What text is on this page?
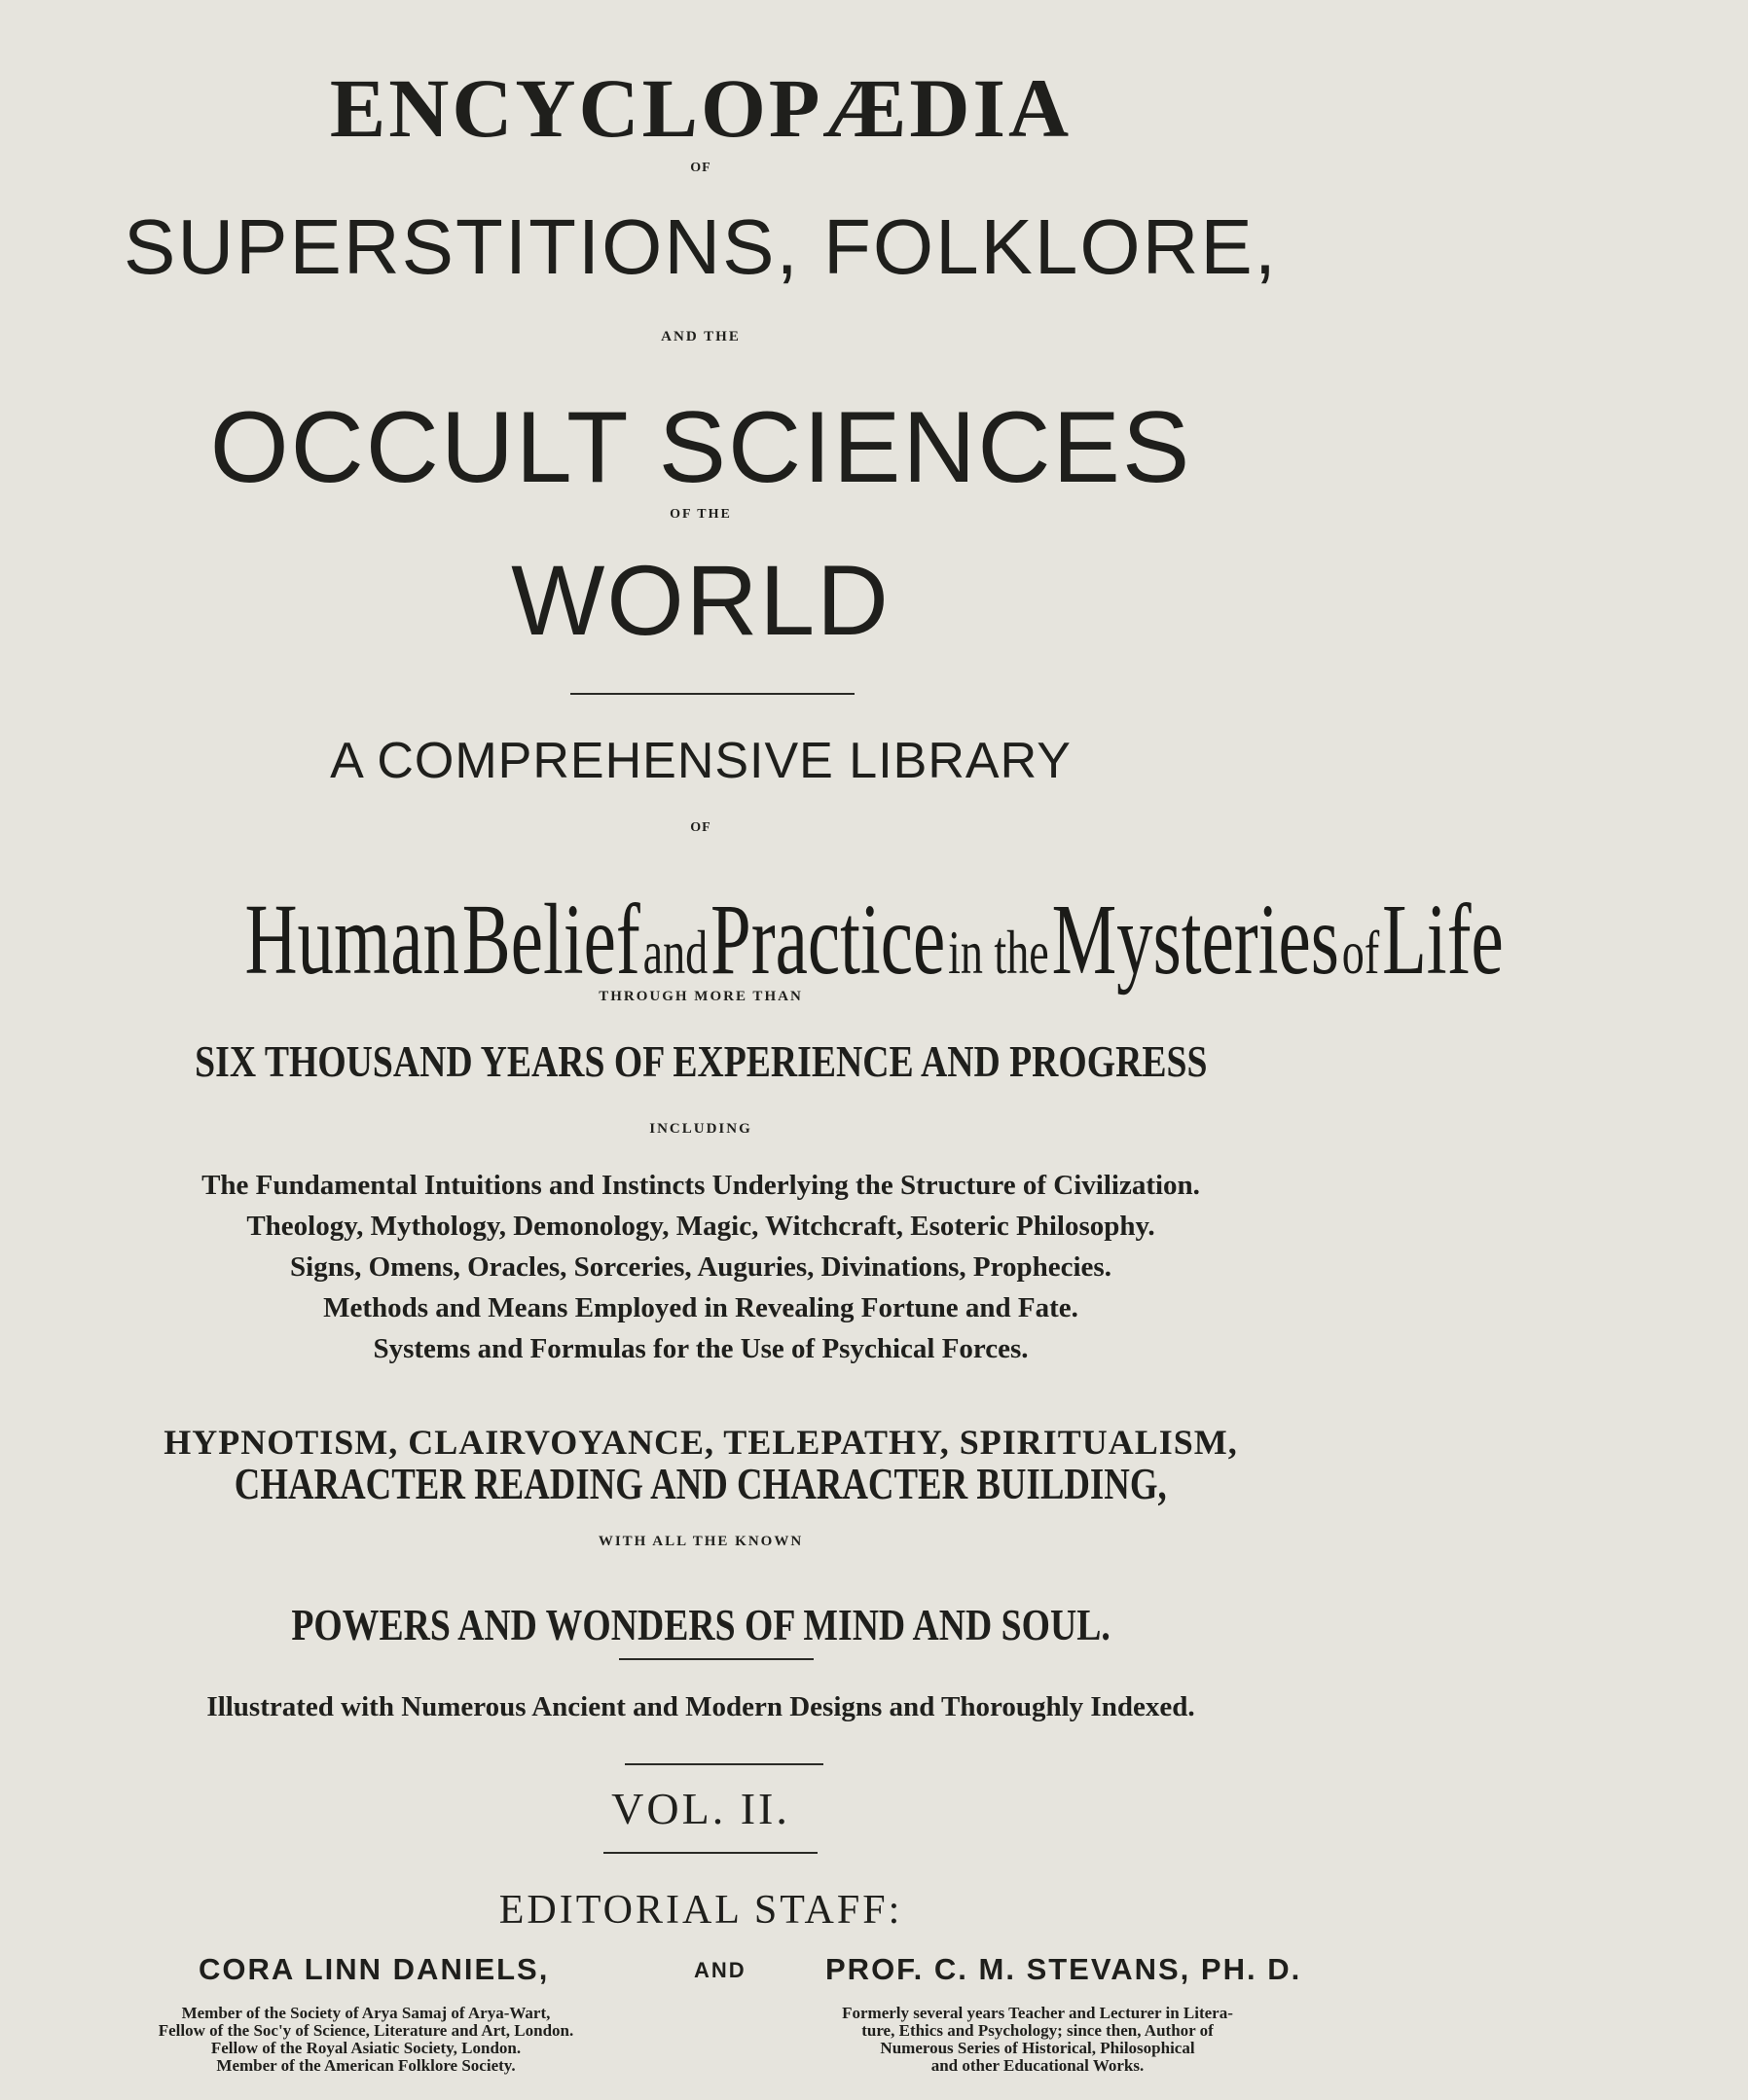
ENCYCLOPÆDIA
OF
SUPERSTITIONS, FOLKLORE,
AND THE
OCCULT SCIENCES
OF THE
WORLD
A COMPREHENSIVE LIBRARY
OF
Human Belief and Practice in the Mysteries of Life
THROUGH MORE THAN
SIX THOUSAND YEARS OF EXPERIENCE AND PROGRESS
INCLUDING
The Fundamental Intuitions and Instincts Underlying the Structure of Civilization.
Theology, Mythology, Demonology, Magic, Witchcraft, Esoteric Philosophy.
Signs, Omens, Oracles, Sorceries, Auguries, Divinations, Prophecies.
Methods and Means Employed in Revealing Fortune and Fate.
Systems and Formulas for the Use of Psychical Forces.
HYPNOTISM, CLAIRVOYANCE, TELEPATHY, SPIRITUALISM,
CHARACTER READING AND CHARACTER BUILDING,
WITH ALL THE KNOWN
POWERS AND WONDERS OF MIND AND SOUL.
Illustrated with Numerous Ancient and Modern Designs and Thoroughly Indexed.
VOL. II.
EDITORIAL STAFF:
CORA LINN DANIELS,	AND	PROF. C. M. STEVANS, PH. D.
Member of the Society of Arya Samaj of Arya-Wart,
Fellow of the Soc'y of Science, Literature and Art, London.
Fellow of the Royal Asiatic Society, London.
Member of the American Folklore Society.
Formerly several years Teacher and Lecturer in Litera-
ture, Ethics and Psychology; since then, Author of
Numerous Series of Historical, Philosophical
and other Educational Works.
